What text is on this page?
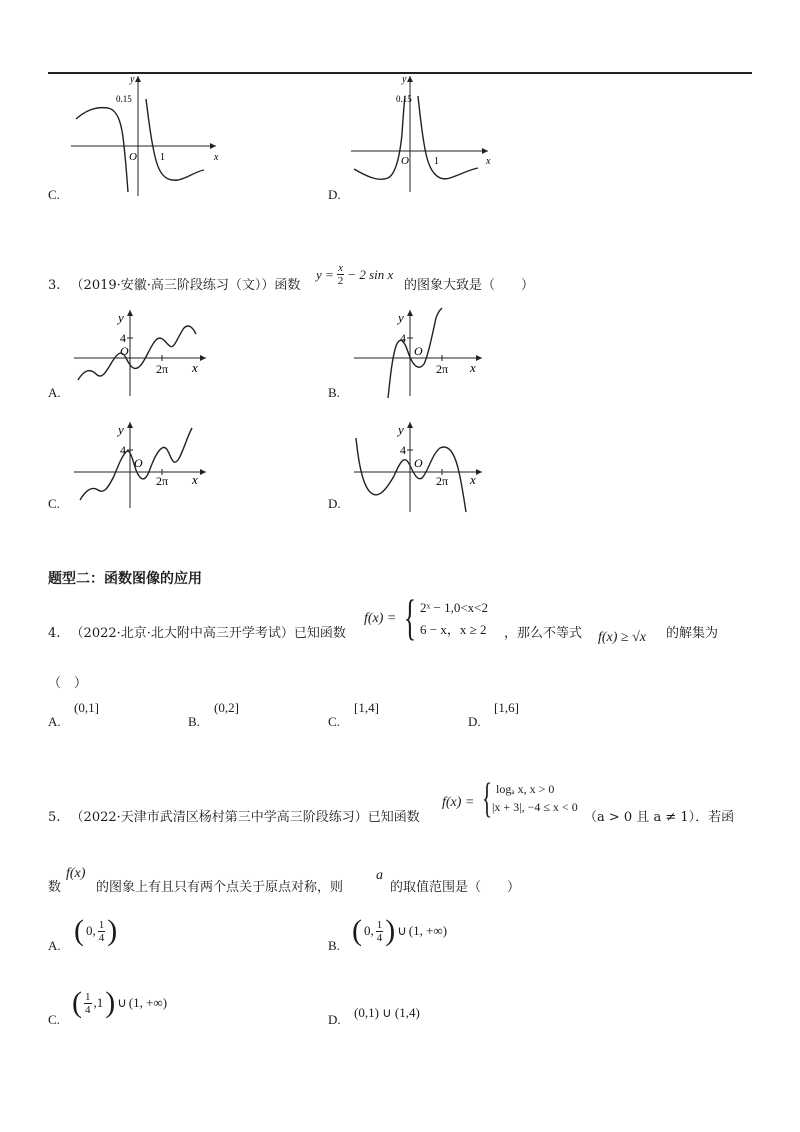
y
x
0.15
O 1
C.
y
x
0.15
O	1
D.
3. （2019·安徽·高三阶段练习（文））函数
$y = \frac{x}{2} - 2$ sin x
的图象大致是（　　）
y
x
4
O
2π
A.
y
x
4
O
2π
B.
y
x
4
O
2π
C.
y
x
4
O
2π
D.
题型二：函数图像的应用
4. （2022·北京·北大附中高三开学考试）已知函数
f(x) = { 2ˣ − 1,0<x<2
6 − x，x ≥ 2 ，那么不等式 f(x) ≥ √x 的解集为
（　）
A.
(0,1]
B.
(0,2]
C.
[1,4]
D.
[1,6]
5. （2022·天津市武清区杨村第三中学高三阶段练习）已知函数
f(x) = { logₐ x, x > 0
|x + 3|, −4 ≤ x < 0
（a > 0 且 a ≠ 1）．若函
数
f(x)
的图象上有且只有两个点关于原点对称，则
a
的取值范围是（　　）
A. ( 0, $\frac{1}{4}$ )	B. ( 0, $\frac{1}{4}$ ) ∪ (1, +∞)
C.
( $\frac{1}{4} ,1$ ) ∪ (1, +∞)
D. (0,1) ∪ (1,4)
